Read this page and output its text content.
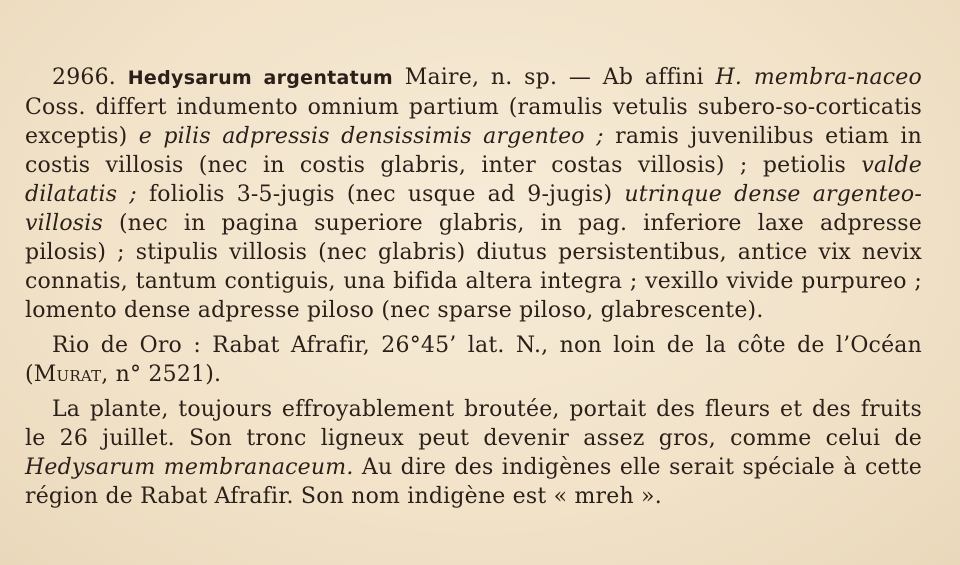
2966. Hedysarum argentatum Maire, n. sp. — Ab affini H. membra-naceo Coss. differt indumento omnium partium (ramulis vetulis subero-so-corticatis exceptis) e pilis adpressis densissimis argenteo ; ramis juvenilibus etiam in costis villosis (nec in costis glabris, inter costas villosis) ; petiolis valde dilatatis ; foliolis 3-5-jugis (nec usque ad 9-jugis) utrinque dense argenteo-villosis (nec in pagina superiore glabris, in pag. inferiore laxe adpresse pilosis) ; stipulis villosis (nec glabris) diutus persistentibus, antice vix nevix connatis, tantum contiguis, una bifida altera integra ; vexillo vivide purpureo ; lomento dense adpresse piloso (nec sparse piloso, glabrescente).

Rio de Oro : Rabat Afrafir, 26°45’ lat. N., non loin de la côte de l’Océan (Murat, n° 2521).

La plante, toujours effroyablement broutée, portait des fleurs et des fruits le 26 juillet. Son tronc ligneux peut devenir assez gros, comme celui de Hedysarum membranaceum. Au dire des indigènes elle serait spéciale à cette région de Rabat Afrafir. Son nom indigène est « mreh ».
